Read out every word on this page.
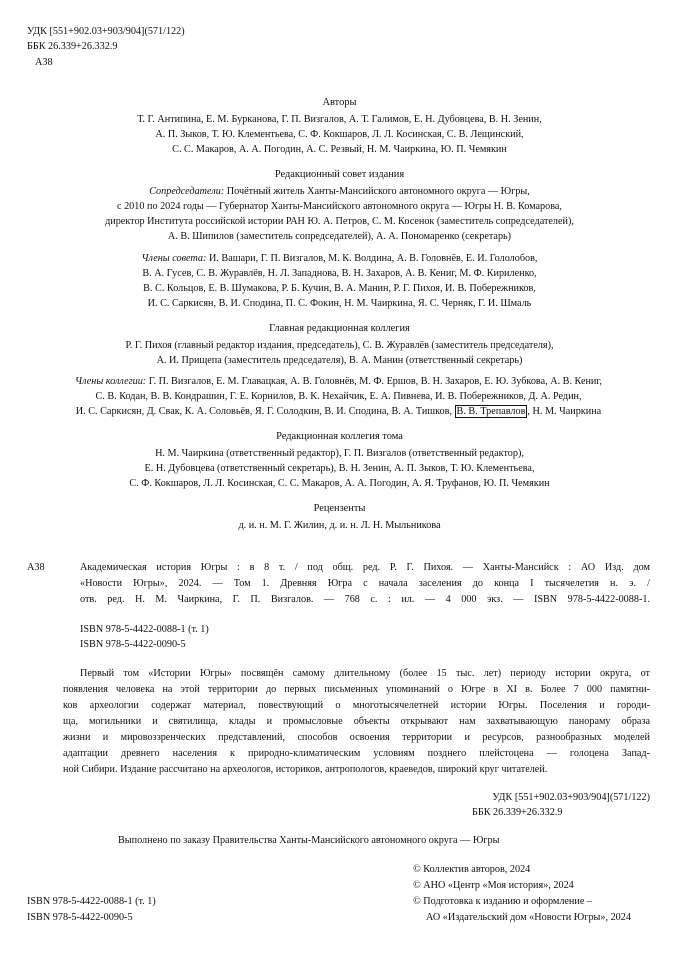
УДК [551+902.03+903/904](571/122)
ББК 26.339+26.332.9
А38
Авторы
Т. Г. Антипина, Е. М. Бурканова, Г. П. Визгалов, А. Т. Галимов, Е. Н. Дубовцева, В. Н. Зенин,
А. П. Зыков, Т. Ю. Клементьева, С. Ф. Кокшаров, Л. Л. Косинская, С. В. Лещинский,
С. С. Макаров, А. А. Погодин, А. С. Резвый, Н. М. Чаиркина, Ю. П. Чемякин
Редакционный совет издания
Сопредседатели: Почётный житель Ханты-Мансийского автономного округа — Югры,
с 2010 по 2024 годы — Губернатор Ханты-Мансийского автономного округа — Югры Н. В. Комарова,
директор Института российской истории РАН Ю. А. Петров, С. М. Косенок (заместитель сопредседателей),
А. В. Шипилов (заместитель сопредседателей), А. А. Пономаренко (секретарь)
Члены совета: И. Вашари, Г. П. Визгалов, М. К. Волдина, А. В. Головнёв, Е. И. Гололобов,
В. А. Гусев, С. В. Журавлёв, Н. Л. Западнова, В. Н. Захаров, А. В. Кениг, М. Ф. Кириленко,
В. С. Кольцов, Е. В. Шумакова, Р. Б. Кучин, В. А. Манин, Р. Г. Пихоя, И. В. Побережников,
И. С. Саркисян, В. И. Сподина, П. С. Фокин, Н. М. Чаиркина, Я. С. Черняк, Г. И. Шмаль
Главная редакционная коллегия
Р. Г. Пихоя (главный редактор издания, председатель), С. В. Журавлёв (заместитель председателя),
А. И. Прищепа (заместитель председателя), В. А. Манин (ответственный секретарь)
Члены коллегии: Г. П. Визгалов, Е. М. Главацкая, А. В. Головнёв, М. Ф. Ершов, В. Н. Захаров, Е. Ю. Зубкова, А. В. Кениг,
С. В. Кодан, В. В. Кондрашин, Г. Е. Корнилов, В. К. Нехайчик, Е. А. Пивнева, И. В. Побережников, Д. А. Редин,
И. С. Саркисян, Д. Свак, К. А. Соловьёв, Я. Г. Солодкин, В. И. Сподина, В. А. Тишков, В. В. Трепавлов , Н. М. Чаиркина
Редакционная коллегия тома
Н. М. Чаиркина (ответственный редактор), Г. П. Визгалов (ответственный редактор),
Е. Н. Дубовцева (ответственный секретарь), В. Н. Зенин, А. П. Зыков, Т. Ю. Клементьева,
С. Ф. Кокшаров, Л. Л. Косинская, С. С. Макаров, А. А. Погодин, А. Я. Труфанов, Ю. П. Чемякин
Рецензенты
д. и. н. М. Г. Жилин, д. и. н. Л. Н. Мыльникова
А38	Академическая история Югры : в 8 т. / под общ. ред. Р. Г. Пихоя. — Ханты-Мансийск : АО Изд. дом
«Новости Югры», 2024. — Том 1. Древняя Югра с начала заселения до конца I тысячелетия н. э. /
отв. ред. Н. М. Чаиркина, Г. П. Визгалов. — 768 с. : ил. — 4 000 экз. — ISBN 978-5-4422-0088-1.
ISBN 978-5-4422-0088-1 (т. 1)
ISBN 978-5-4422-0090-5
Первый том «Истории Югры» посвящён самому длительному (более 15 тыс. лет) периоду истории округа, от
появления человека на этой территории до первых письменных упоминаний о Югре в XI в. Более 7 000 памятни-
ков археологии содержат материал, повествующий о многотысячелетней истории Югры. Поселения и городи-
ща, могильники и святилища, клады и промысловые объекты открывают нам захватывающую панораму образа
жизни и мировоззренческих представлений, способов освоения территории и ресурсов, разнообразных моделей
адаптации древнего населения к природно-климатическим условиям позднего плейстоцена — голоцена Запад-
ной Сибири. Издание рассчитано на археологов, историков, антропологов, краеведов, широкий круг читателей.
УДК [551+902.03+903/904](571/122)
ББК 26.339+26.332.9
Выполнено по заказу Правительства Ханты-Мансийского автономного округа — Югры
© Коллектив авторов, 2024
© АНО «Центр «Моя история», 2024
© Подготовка к изданию и оформление –
АО «Издательский дом «Новости Югры», 2024
ISBN 978-5-4422-0088-1 (т. 1)
ISBN 978-5-4422-0090-5
